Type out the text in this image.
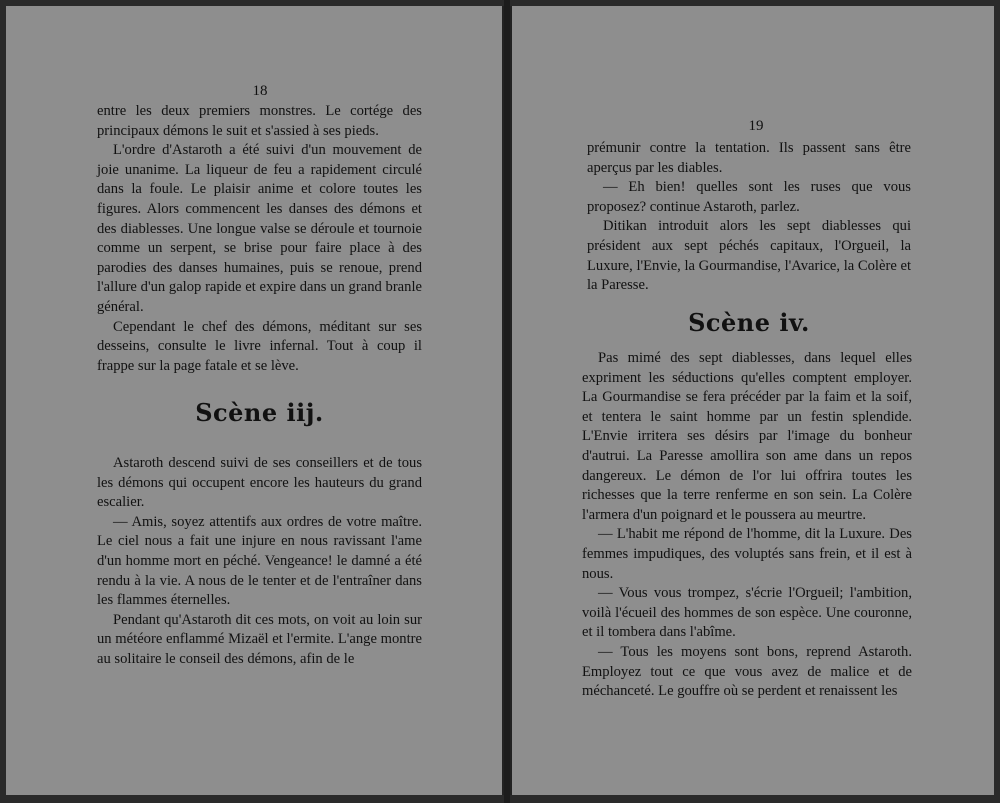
18

entre les deux premiers monstres. Le cortége des principaux démons le suit et s'assied à ses pieds.

L'ordre d'Astaroth a été suivi d'un mouvement de joie unanime. La liqueur de feu a rapidement circulé dans la foule. Le plaisir anime et colore toutes les figures. Alors commencent les danses des démons et des diablesses. Une longue valse se déroule et tournoie comme un serpent, se brise pour faire place à des parodies des danses humaines, puis se renoue, prend l'allure d'un galop rapide et expire dans un grand branle général.

Cependant le chef des démons, méditant sur ses desseins, consulte le livre infernal. Tout à coup il frappe sur la page fatale et se lève.

Scène iij.

Astaroth descend suivi de ses conseillers et de tous les démons qui occupent encore les hauteurs du grand escalier.

— Amis, soyez attentifs aux ordres de votre maître. Le ciel nous a fait une injure en nous ravissant l'ame d'un homme mort en péché. Vengeance! le damné a été rendu à la vie. A nous de le tenter et de l'entraîner dans les flammes éternelles.

Pendant qu'Astaroth dit ces mots, on voit au loin sur un météore enflammé Mizaël et l'ermite. L'ange montre au solitaire le conseil des démons, afin de le

19

prémunir contre la tentation. Ils passent sans être aperçus par les diables.

— Eh bien! quelles sont les ruses que vous proposez? continue Astaroth, parlez.

Ditikan introduit alors les sept diablesses qui président aux sept péchés capitaux, l'Orgueil, la Luxure, l'Envie, la Gourmandise, l'Avarice, la Colère et la Paresse.

Scène iv.

Pas mimé des sept diablesses, dans lequel elles expriment les séductions qu'elles comptent employer. La Gourmandise se fera précéder par la faim et la soif, et tentera le saint homme par un festin splendide. L'Envie irritera ses désirs par l'image du bonheur d'autrui. La Paresse amollira son ame dans un repos dangereux. Le démon de l'or lui offrira toutes les richesses que la terre renferme en son sein. La Colère l'armera d'un poignard et le poussera au meurtre.

— L'habit me répond de l'homme, dit la Luxure. Des femmes impudiques, des voluptés sans frein, et il est à nous.

— Vous vous trompez, s'écrie l'Orgueil; l'ambition, voilà l'écueil des hommes de son espèce. Une couronne, et il tombera dans l'abîme.

— Tous les moyens sont bons, reprend Astaroth. Employez tout ce que vous avez de malice et de méchanceté. Le gouffre où se perdent et renaissent les
